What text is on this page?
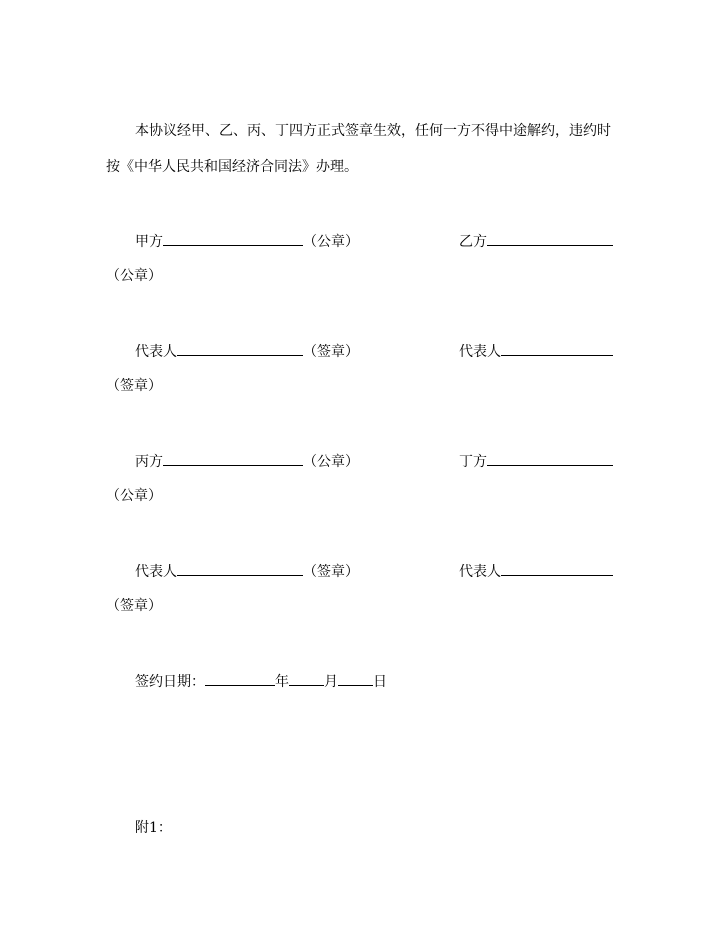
本协议经甲、乙、丙、丁四方正式签章生效，任何一方不得中途解约，违约时
按《中华人民共和国经济合同法》办理。
甲方	（公章）	乙方
（公章）
代表人	（签章）	代表人
（签章）
丙方	（公章）	丁方
（公章）
代表人	（签章）	代表人
（签章）
签约日期：	年	月	日
附1：
